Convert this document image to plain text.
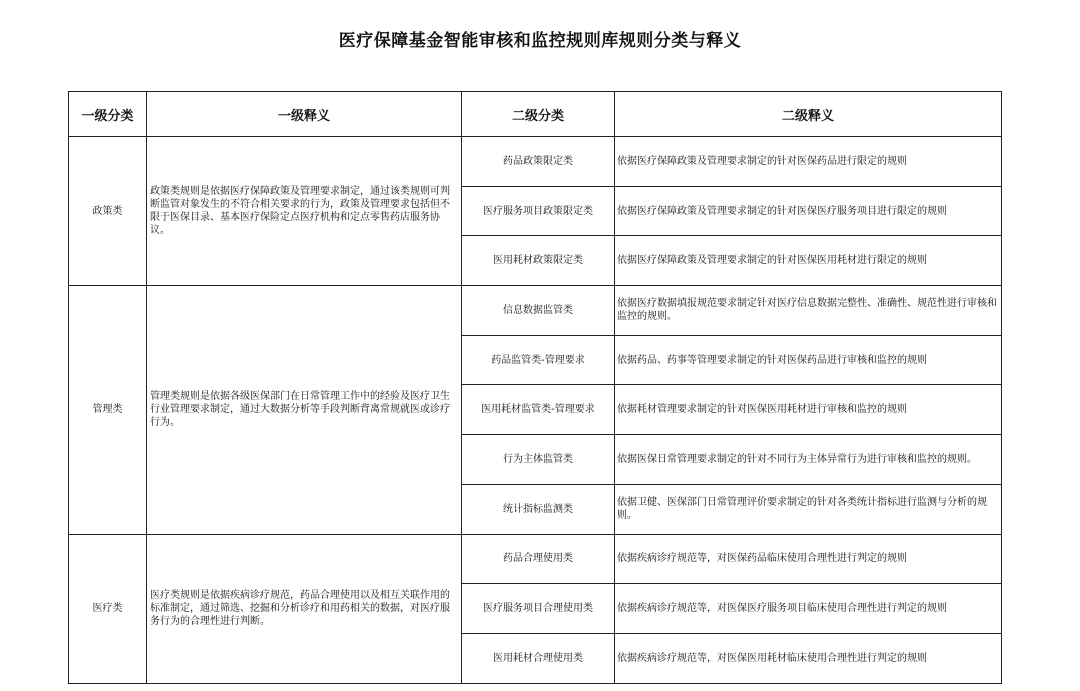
医疗保障基金智能审核和监控规则库规则分类与释义
一级分类	一级释义	二级分类	二级释义
政策类	政策类规则是依据医疗保障政策及管理要求制定，通过该类规则可判断监管对象发生的不符合相关要求的行为，政策及管理要求包括但不限于医保目录、基本医疗保险定点医疗机构和定点零售药店服务协议。	药品政策限定类	依据医疗保障政策及管理要求制定的针对医保药品进行限定的规则
		医疗服务项目政策限定类	依据医疗保障政策及管理要求制定的针对医保医疗服务项目进行限定的规则
		医用耗材政策限定类	依据医疗保障政策及管理要求制定的针对医保医用耗材进行限定的规则
管理类	管理类规则是依据各级医保部门在日常管理工作中的经验及医疗卫生行业管理要求制定，通过大数据分析等手段判断背离常规就医或诊疗行为。	信息数据监管类	依据医疗数据填报规范要求制定针对医疗信息数据完整性、准确性、规范性进行审核和监控的规则。
		药品监管类-管理要求	依据药品、药事等管理要求制定的针对医保药品进行审核和监控的规则
		医用耗材监管类-管理要求	依据耗材管理要求制定的针对医保医用耗材进行审核和监控的规则
		行为主体监管类	依据医保日常管理要求制定的针对不同行为主体异常行为进行审核和监控的规则。
		统计指标监测类	依据卫健、医保部门日常管理评价要求制定的针对各类统计指标进行监测与分析的规则。
医疗类	医疗类规则是依据疾病诊疗规范，药品合理使用以及相互关联作用的标准制定，通过筛选、挖掘和分析诊疗和用药相关的数据，对医疗服务行为的合理性进行判断。	药品合理使用类	依据疾病诊疗规范等，对医保药品临床使用合理性进行判定的规则
		医疗服务项目合理使用类	依据疾病诊疗规范等，对医保医疗服务项目临床使用合理性进行判定的规则
		医用耗材合理使用类	依据疾病诊疗规范等，对医保医用耗材临床使用合理性进行判定的规则
